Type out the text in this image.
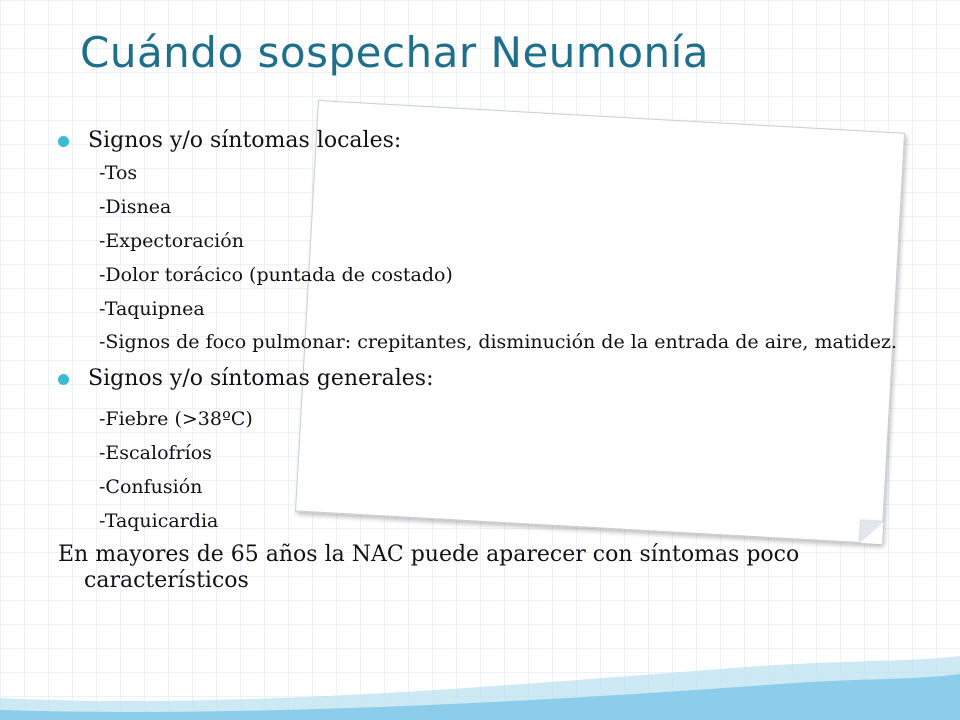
Cuándo sospechar Neumonía
Signos y/o síntomas locales:
-Tos
-Disnea
-Expectoración
-Dolor torácico (puntada de costado)
-Taquipnea
-Signos de foco pulmonar: crepitantes, disminución de la entrada de aire, matidez.
Signos y/o síntomas generales:
-Fiebre (>38ºC)
-Escalofríos
-Confusión
-Taquicardia
En mayores de 65 años la NAC puede aparecer con síntomas poco característicos
